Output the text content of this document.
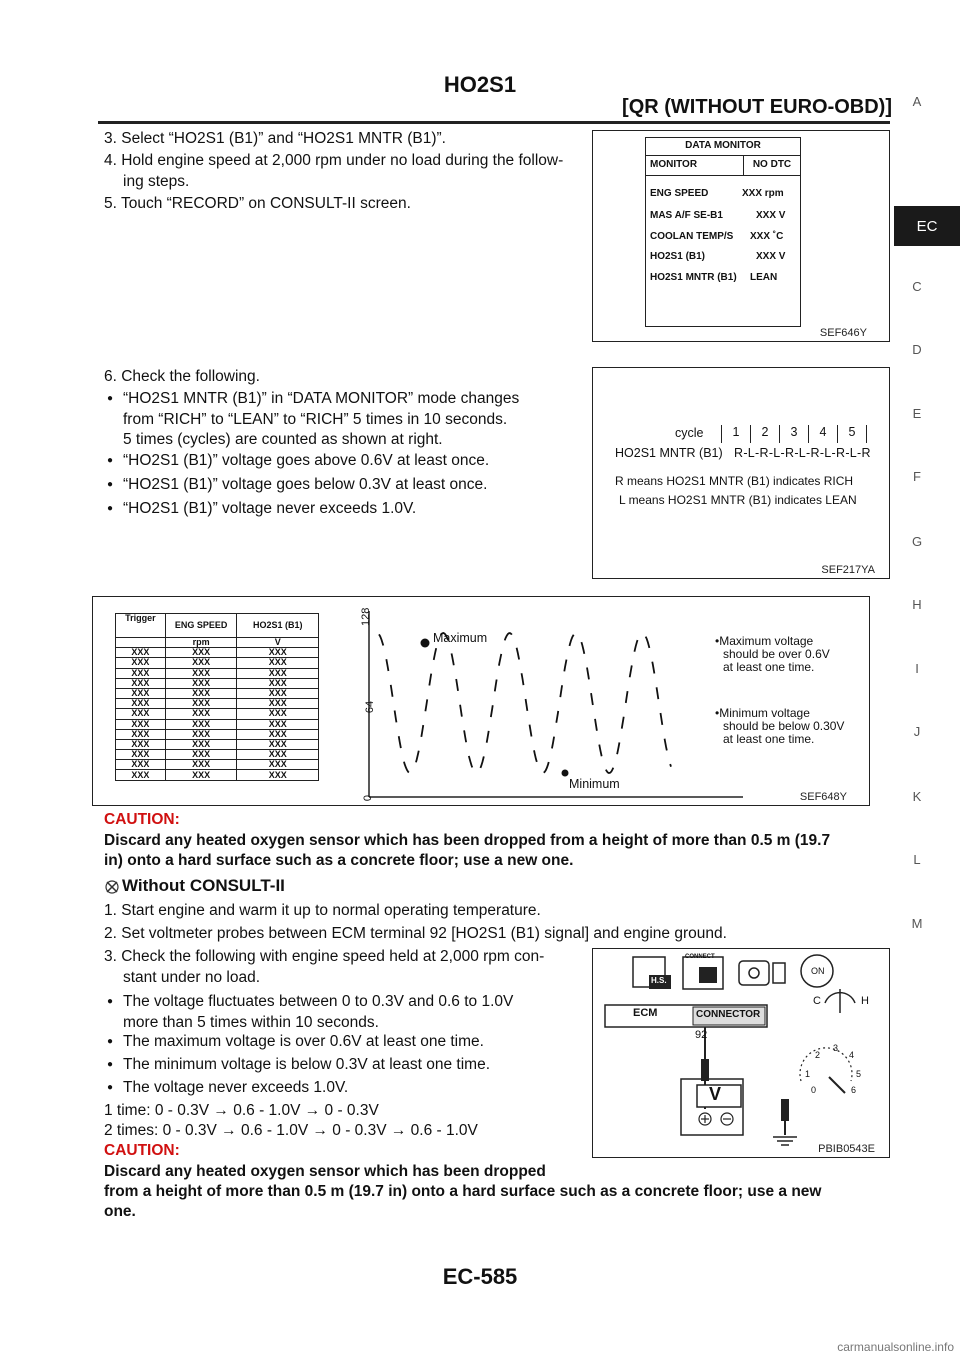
HO2S1
[QR (WITHOUT EURO-OBD)] A
EC
C
D
E
F
G
H
I
J
K
L
M
3. Select “HO2S1 (B1)” and “HO2S1 MNTR (B1)”.
4. Hold engine speed at 2,000 rpm under no load during the follow-
ing steps.
5. Touch “RECORD” on CONSULT-II screen.
DATA MONITOR
MONITOR	NO DTC
ENG SPEED	XXX rpm
MAS A/F SE-B1	XXX V
COOLAN TEMP/S XXX ˚C
HO2S1 (B1)	XXX V
HO2S1 MNTR (B1) LEAN
SEF646Y
6. Check the following.
● “HO2S1 MNTR (B1)” in “DATA MONITOR” mode changes
from “RICH” to “LEAN” to “RICH” 5 times in 10 seconds.
5 times (cycles) are counted as shown at right.
● “HO2S1 (B1)” voltage goes above 0.6V at least once.
● “HO2S1 (B1)” voltage goes below 0.3V at least once.
● “HO2S1 (B1)” voltage never exceeds 1.0V.
cycle	1	2	3	4	5
HO2S1 MNTR (B1) R-L-R-L-R-L-R-L-R-L-R
R means HO2S1 MNTR (B1) indicates RICH
L means HO2S1 MNTR (B1) indicates LEAN
SEF217YA
Trigger	ENG SPEED	HO2S1 (B1)
	rpm	V
XXX	XXX	XXX
XXX	XXX	XXX
XXX	XXX	XXX
XXX	XXX	XXX
XXX	XXX	XXX
XXX	XXX	XXX
XXX	XXX	XXX
XXX	XXX	XXX
XXX	XXX	XXX
XXX	XXX	XXX
XXX	XXX	XXX
XXX	XXX	XXX
XXX	XXX	XXX
128
64
0
Maximum
Minimum
•Maximum voltage
should be over 0.6V
at least one time.
•Minimum voltage
should be below 0.30V
at least one time.
SEF648Y
CAUTION:
Discard any heated oxygen sensor which has been dropped from a height of more than 0.5 m (19.7
in) onto a hard surface such as a concrete floor; use a new one.
Without CONSULT-II
1. Start engine and warm it up to normal operating temperature.
2. Set voltmeter probes between ECM terminal 92 [HO2S1 (B1) signal] and engine ground.
3. Check the following with engine speed held at 2,000 rpm con-
stant under no load.
● The voltage fluctuates between 0 to 0.3V and 0.6 to 1.0V
more than 5 times within 10 seconds.
● The maximum voltage is over 0.6V at least one time.
● The minimum voltage is below 0.3V at least one time.
● The voltage never exceeds 1.0V.
1 time: 0 - 0.3V → 0.6 - 1.0V → 0 - 0.3V
2 times: 0 - 0.3V → 0.6 - 1.0V → 0 - 0.3V → 0.6 - 1.0V
ECM	CONNECTOR
CONNECT
H.S.
ON
92
C	H
V	0
1
2
3
4
5
6
PBIB0543E
CAUTION:
Discard any heated oxygen sensor which has been dropped
from a height of more than 0.5 m (19.7 in) onto a hard surface such as a concrete floor; use a new
one.
EC-585
carmanualsonline.info
